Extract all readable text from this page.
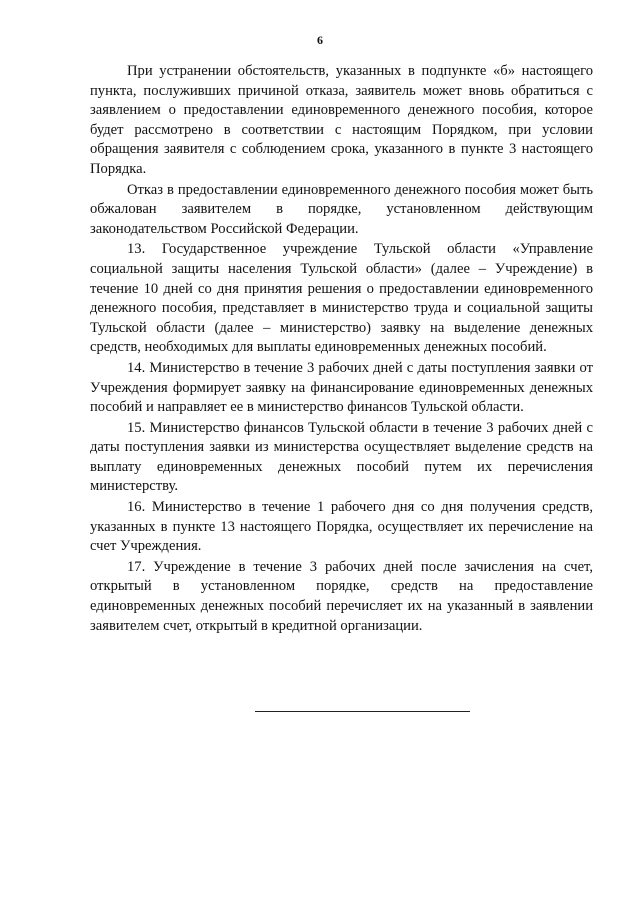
6

При устранении обстоятельств, указанных в подпункте «б» настоящего пункта, послуживших причиной отказа, заявитель может вновь обратиться с заявлением о предоставлении единовременного денежного пособия, которое будет рассмотрено в соответствии с настоящим Порядком, при условии обращения заявителя с соблюдением срока, указанного в пункте 3 настоящего Порядка.

Отказ в предоставлении единовременного денежного пособия может быть обжалован заявителем в порядке, установленном действующим законодательством Российской Федерации.

13. Государственное учреждение Тульской области «Управление социальной защиты населения Тульской области» (далее – Учреждение) в течение 10 дней со дня принятия решения о предоставлении единовременного денежного пособия, представляет в министерство труда и социальной защиты Тульской области (далее – министерство) заявку на выделение денежных средств, необходимых для выплаты единовременных денежных пособий.

14. Министерство в течение 3 рабочих дней с даты поступления заявки от Учреждения формирует заявку на финансирование единовременных денежных пособий и направляет ее в министерство финансов Тульской области.

15. Министерство финансов Тульской области в течение 3 рабочих дней с даты поступления заявки из министерства осуществляет выделение средств на выплату единовременных денежных пособий путем их перечисления министерству.

16. Министерство в течение 1 рабочего дня со дня получения средств, указанных в пункте 13 настоящего Порядка, осуществляет их перечисление на счет Учреждения.

17. Учреждение в течение 3 рабочих дней после зачисления на счет, открытый в установленном порядке, средств на предоставление единовременных денежных пособий перечисляет их на указанный в заявлении заявителем счет, открытый в кредитной организации.
